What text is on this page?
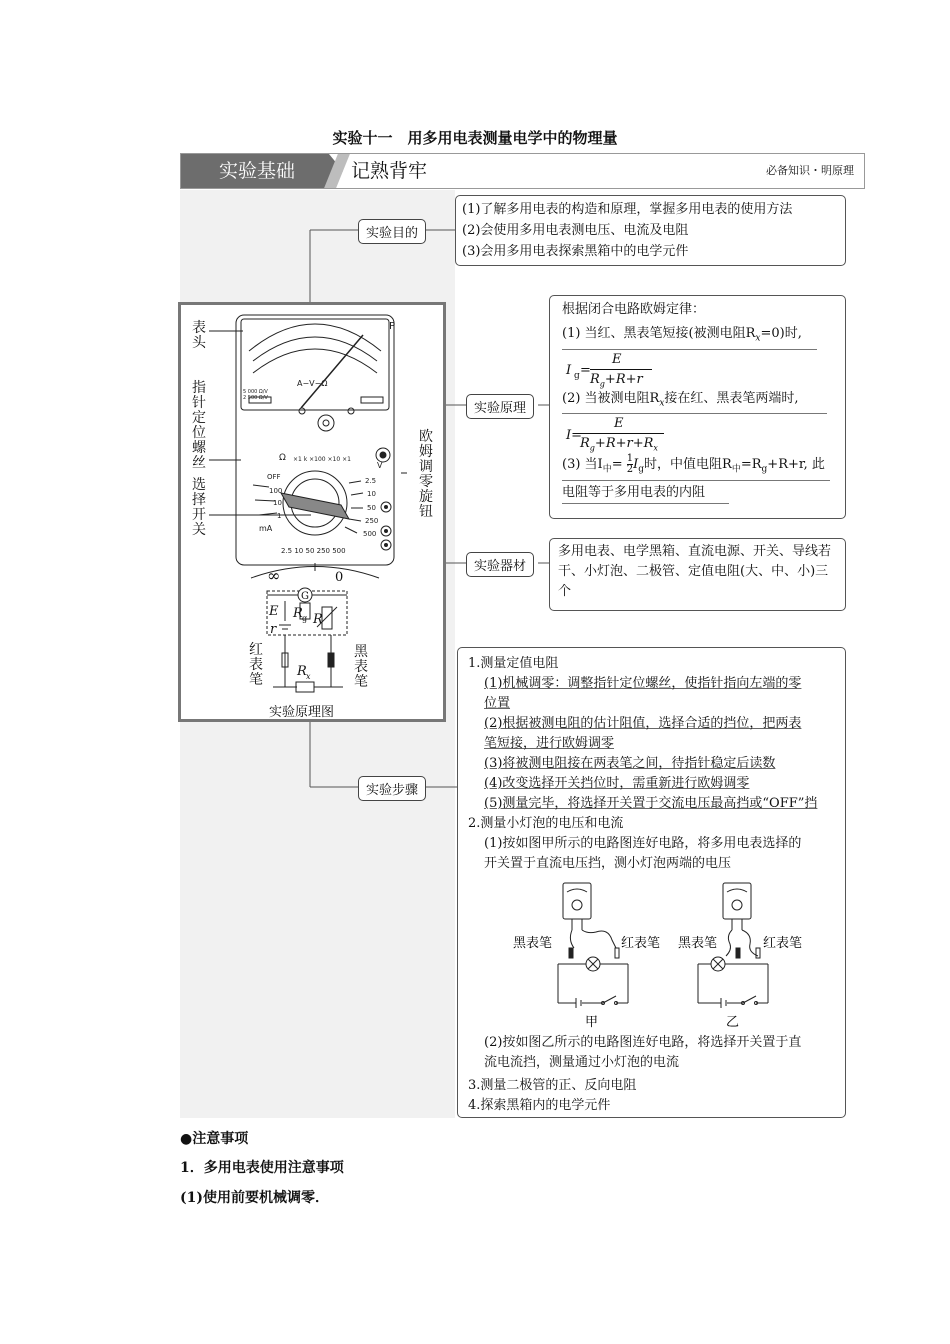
实验十一　用多用电表测量电学中的物理量
实验基础	记熟背牢	必备知识・明原理
实验目的
实验原理
实验器材
实验步骤
(1)了解多用电表的构造和原理，掌握多用电表的使用方法
(2)会使用多用电表测电压、电流及电阻
(3)会用多用电表探索黑箱中的电学元件
根据闭合电路欧姆定律：
(1) 当红、黑表笔短接(被测电阻$R_x=0$)时,
I g =
E
$R_g+R+r$
(2) 当被测电阻$R_x$接在红、黑表笔两端时,
I=
E
$R_g+R+r+R_x$
(3) 当$I_中= 1$
$2I_g$时，中值电阻$R_中=R_g+R+r$, 此
电阻等于多用电表的内阻
多用电表、电学黑箱、直流电源、开关、导线若干、小灯泡、二极管、定值电阻(大、中、小)三个
1.测量定值电阻
(1)机械调零：调整指针定位螺丝，使指针指向左端的零
位置
(2)根据被测电阻的估计阻值，选择合适的挡位，把两表
笔短接，进行欧姆调零
(3)将被测电阻接在两表笔之间，待指针稳定后读数
(4)改变选择开关挡位时，需重新进行欧姆调零
(5)测量完毕，将选择开关置于交流电压最高挡或“OFF”挡
2.测量小灯泡的电压和电流
(1)按如图甲所示的电路图连好电路，将多用电表选择的
开关置于直流电压挡，测小灯泡两端的电压
黑表笔	红表笔 黑表笔	红表笔
甲	乙
(2)按如图乙所示的电路图连好电路，将选择开关置于直
流电流挡，测量通过小灯泡的电流
3.测量二极管的正、反向电阻
4.探索黑箱内的电学元件
表头
指针定位螺丝
选择开关
欧姆调零旋钮
P
A−V−Ω
5 000 Ω/V
2 500 Ω/V
Ω ×1 k ×100 ×10 ×1
V
OFF
100
10
1
mA
2.5
10
50
250
500
2.5 10 50 250 500
∞	0
G
E
r
R g R
R x
红表笔
黑表笔
实验原理图
●注意事项
1．多用电表使用注意事项
(1)使用前要机械调零．
